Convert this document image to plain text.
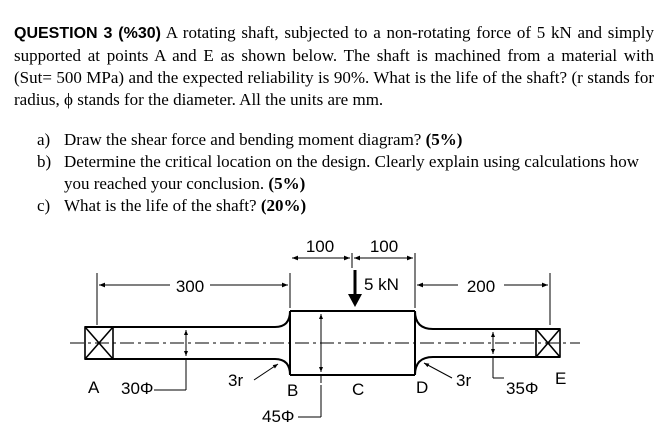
QUESTION 3 (%30) A rotating shaft, subjected to a non-rotating force of 5 kN and simply supported at points A and E as shown below. The shaft is machined from a material with (Sut= 500 MPa) and the expected reliability is 90%. What is the life of the shaft? (r stands for radius, ϕ stands for the diameter. All the units are mm.

a) Draw the shear force and bending moment diagram? (5%)
b) Determine the critical location on the design. Clearly explain using calculations how you reached your conclusion. (5%)
c) What is the life of the shaft? (20%)
300
100 100
5 kN	200
A 30Φ	3r
B
45Φ
C	D 3r 35Φ
E
